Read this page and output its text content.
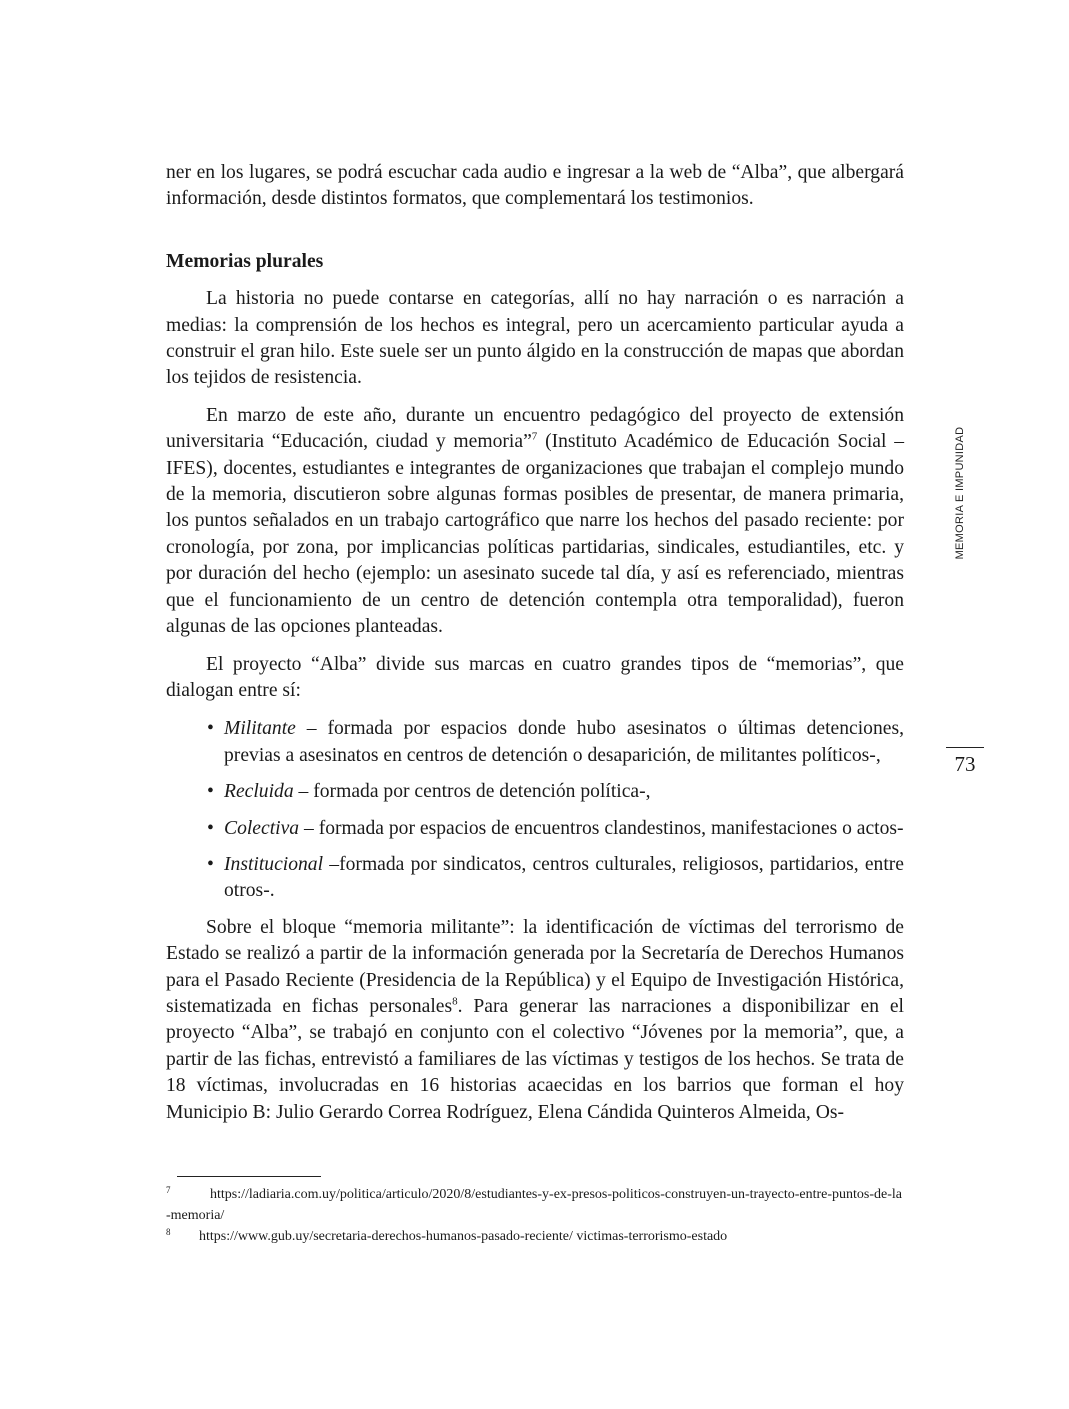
ner en los lugares, se podrá escuchar cada audio e ingresar a la web de “Alba”, que albergará información, desde distintos formatos, que complementará los testimonios.

Memorias plurales

La historia no puede contarse en categorías, allí no hay narración o es narración a medias: la comprensión de los hechos es integral, pero un acercamiento particular ayuda a construir el gran hilo. Este suele ser un punto álgido en la construcción de mapas que abordan los tejidos de resistencia.

En marzo de este año, durante un encuentro pedagógico del proyecto de extensión universitaria “Educación, ciudad y memoria”$^7$ (Instituto Académico de Educación Social – IFES), docentes, estudiantes e integrantes de organizaciones que trabajan el complejo mundo de la memoria, discutieron sobre algunas formas posibles de presentar, de manera primaria, los puntos señalados en un trabajo cartográfico que narre los hechos del pasado reciente: por cronología, por zona, por implicancias políticas partidarias, sindicales, estudiantiles, etc. y por duración del hecho (ejemplo: un asesinato sucede tal día, y así es referenciado, mientras que el funcionamiento de un centro de detención contempla otra temporalidad), fueron algunas de las opciones planteadas.

El proyecto “Alba” divide sus marcas en cuatro grandes tipos de “memorias”, que dialogan entre sí:

• Militante – formada por espacios donde hubo asesinatos o últimas detenciones, previas a asesinatos en centros de detención o desaparición, de militantes políticos-,
• Recluida – formada por centros de detención política-,
• Colectiva – formada por espacios de encuentros clandestinos, manifestaciones o actos-
• Institucional –formada por sindicatos, centros culturales, religiosos, partidarios, entre otros-.

Sobre el bloque “memoria militante”: la identificación de víctimas del terrorismo de Estado se realizó a partir de la información generada por la Secretaría de Derechos Humanos para el Pasado Reciente (Presidencia de la República) y el Equipo de Investigación Histórica, sistematizada en fichas personales$^8$. Para generar las narraciones a disponibilizar en el proyecto “Alba”, se trabajó en conjunto con el colectivo “Jóvenes por la memoria”, que, a partir de las fichas, entrevistó a familiares de las víctimas y testigos de los hechos. Se trata de 18 víctimas, involucradas en 16 historias acaecidas en los barrios que forman el hoy Municipio B: Julio Gerardo Correa Rodríguez, Elena Cándida Quinteros Almeida, Os-

MEMORIA E IMPUNIDAD
73
7	https://ladiaria.com.uy/politica/articulo/2020/8/estudiantes-y-ex-presos-politicos-construyen-un-trayecto-entre-puntos-de-la-memoria/
8	https://www.gub.uy/secretaria-derechos-humanos-pasado-reciente/ victimas-terrorismo-estado
